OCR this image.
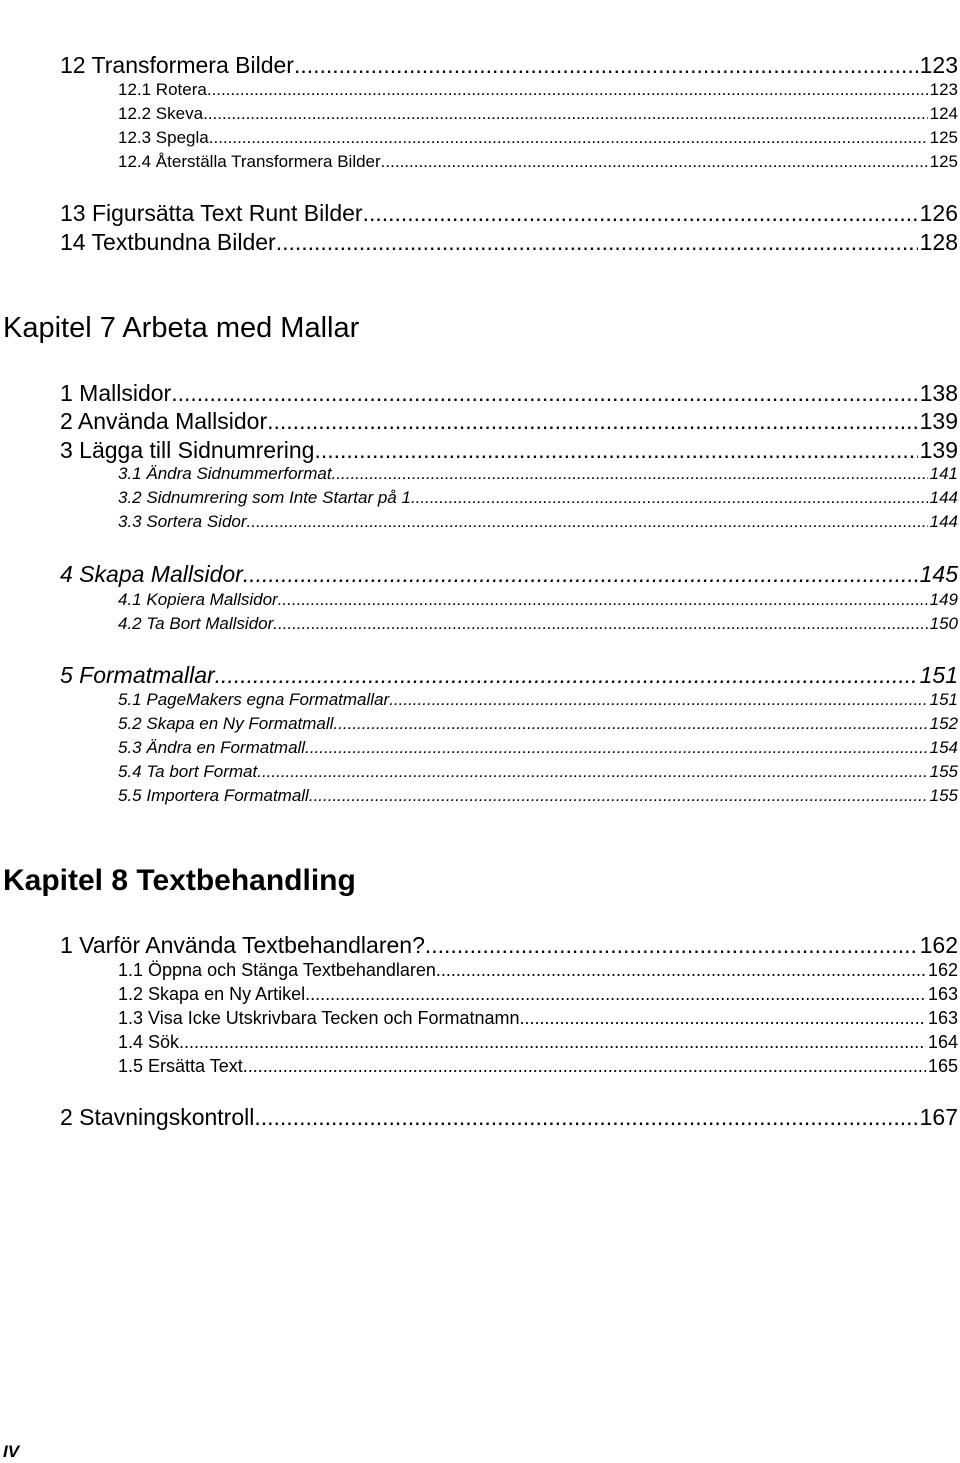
12 Transformera Bilder .....	123
12.1 Rotera .....	123
12.2 Skeva .....	124
12.3 Spegla .....	125
12.4 Återställa Transformera Bilder .....	125
13 Figursätta Text Runt Bilder .....	126
14 Textbundna Bilder .....	128
Kapitel 7 Arbeta med Mallar
1 Mallsidor .....	138
2 Använda Mallsidor .....	139
3 Lägga till Sidnumrering .....	139
3.1 Ändra Sidnummerformat .....	141
3.2 Sidnumrering som Inte Startar på 1 .....	144
3.3 Sortera Sidor .....	144
4 Skapa Mallsidor .....	145
4.1 Kopiera Mallsidor .....	149
4.2 Ta Bort Mallsidor .....	150
5 Formatmallar .....	151
5.1 PageMakers egna Formatmallar .....	151
5.2 Skapa en Ny Formatmall .....	152
5.3 Ändra en Formatmall .....	154
5.4 Ta bort Format .....	155
5.5 Importera Formatmall .....	155
Kapitel 8 Textbehandling
1 Varför Använda Textbehandlaren? .....	162
1.1 Öppna och Stänga Textbehandlaren .....	162
1.2 Skapa en Ny Artikel .....	163
1.3 Visa Icke Utskrivbara Tecken och Formatnamn .....	163
1.4 Sök .....	164
1.5 Ersätta Text .....	165
2 Stavningskontroll .....	167
IV
